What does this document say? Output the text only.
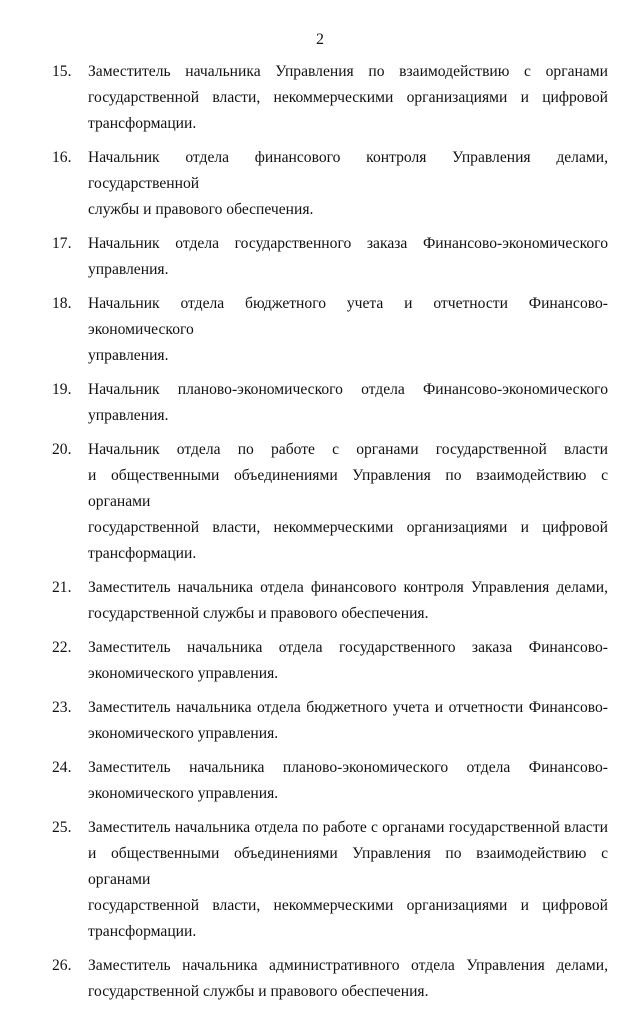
2
15. Заместитель начальника Управления по взаимодействию с органами
государственной власти, некоммерческими организациями и цифровой
трансформации.
16. Начальник отдела финансового контроля Управления делами, государственной
службы и правового обеспечения.
17. Начальник отдела государственного заказа Финансово-экономического
управления.
18. Начальник отдела бюджетного учета и отчетности Финансово-экономического
управления.
19. Начальник планово-экономического отдела Финансово-экономического
управления.
20. Начальник отдела по работе с органами государственной власти
и общественными объединениями Управления по взаимодействию с органами
государственной власти, некоммерческими организациями и цифровой
трансформации.
21. Заместитель начальника отдела финансового контроля Управления делами,
государственной службы и правового обеспечения.
22. Заместитель начальника отдела государственного заказа Финансово-
экономического управления.
23. Заместитель начальника отдела бюджетного учета и отчетности Финансово-
экономического управления.
24. Заместитель начальника планово-экономического отдела Финансово-
экономического управления.
25. Заместитель начальника отдела по работе с органами государственной власти
и общественными объединениями Управления по взаимодействию с органами
государственной власти, некоммерческими организациями и цифровой
трансформации.
26. Заместитель начальника административного отдела Управления делами,
государственной службы и правового обеспечения.
